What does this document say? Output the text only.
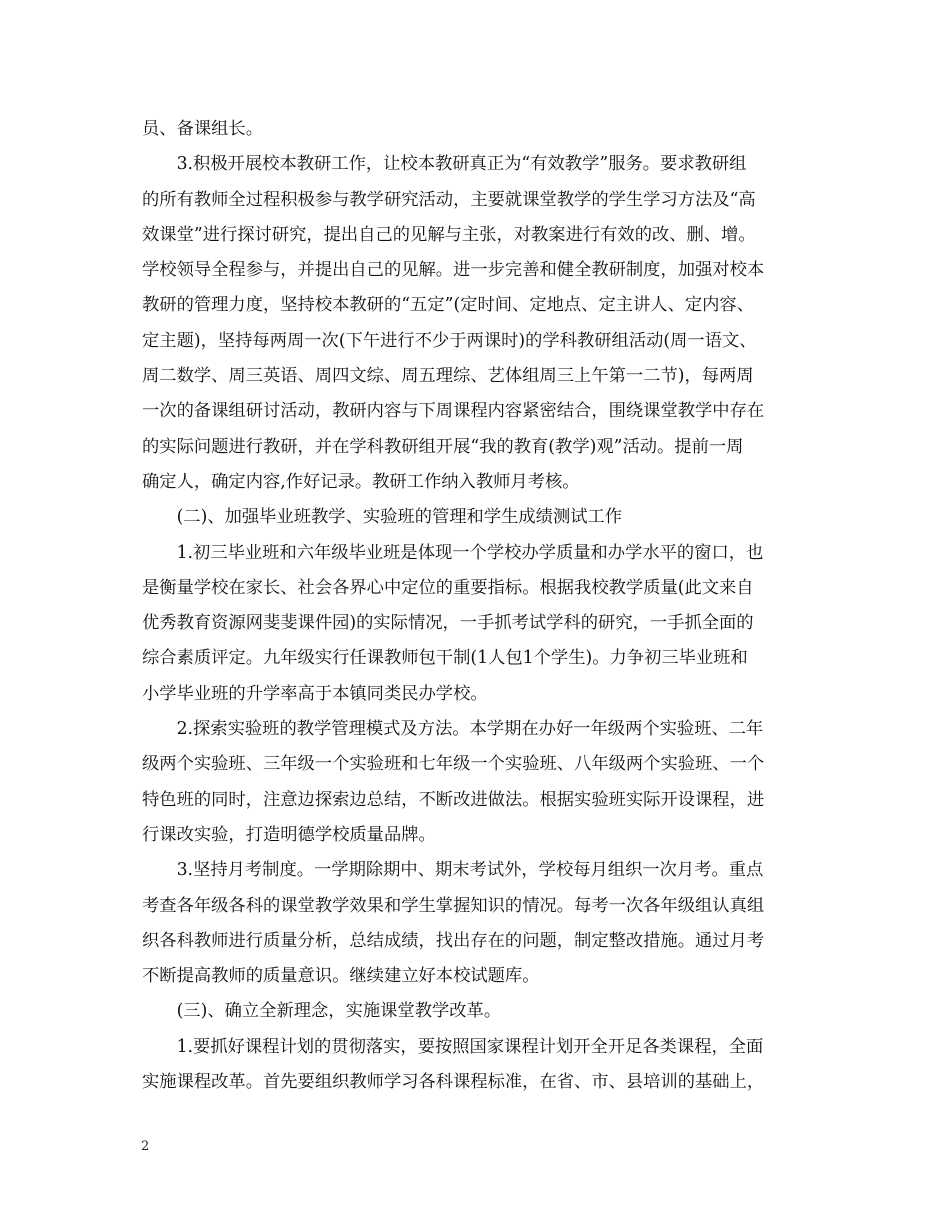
员、备课组长。
　　3.积极开展校本教研工作，让校本教研真正为“有效教学”服务。要求教研组
的所有教师全过程积极参与教学研究活动，主要就课堂教学的学生学习方法及“高
效课堂”进行探讨研究，提出自己的见解与主张，对教案进行有效的改、删、增。
学校领导全程参与，并提出自己的见解。进一步完善和健全教研制度，加强对校本
教研的管理力度，坚持校本教研的“五定”(定时间、定地点、定主讲人、定内容、
定主题)，坚持每两周一次(下午进行不少于两课时)的学科教研组活动(周一语文、
周二数学、周三英语、周四文综、周五理综、艺体组周三上午第一二节)，每两周
一次的备课组研讨活动，教研内容与下周课程内容紧密结合，围绕课堂教学中存在
的实际问题进行教研，并在学科教研组开展“我的教育(教学)观”活动。提前一周
确定人，确定内容,作好记录。教研工作纳入教师月考核。
　　(二)、加强毕业班教学、实验班的管理和学生成绩测试工作
　　1.初三毕业班和六年级毕业班是体现一个学校办学质量和办学水平的窗口，也
是衡量学校在家长、社会各界心中定位的重要指标。根据我校教学质量(此文来自
优秀教育资源网斐斐课件园)的实际情况，一手抓考试学科的研究，一手抓全面的
综合素质评定。九年级实行任课教师包干制(1人包1个学生)。力争初三毕业班和
小学毕业班的升学率高于本镇同类民办学校。
　　2.探索实验班的教学管理模式及方法。本学期在办好一年级两个实验班、二年
级两个实验班、三年级一个实验班和七年级一个实验班、八年级两个实验班、一个
特色班的同时，注意边探索边总结，不断改进做法。根据实验班实际开设课程，进
行课改实验，打造明德学校质量品牌。
　　3.坚持月考制度。一学期除期中、期末考试外，学校每月组织一次月考。重点
考查各年级各科的课堂教学效果和学生掌握知识的情况。每考一次各年级组认真组
织各科教师进行质量分析，总结成绩，找出存在的问题，制定整改措施。通过月考
不断提高教师的质量意识。继续建立好本校试题库。
　　(三)、确立全新理念，实施课堂教学改革。
　　1.要抓好课程计划的贯彻落实，要按照国家课程计划开全开足各类课程，全面
实施课程改革。首先要组织教师学习各科课程标准，在省、市、县培训的基础上，
2
